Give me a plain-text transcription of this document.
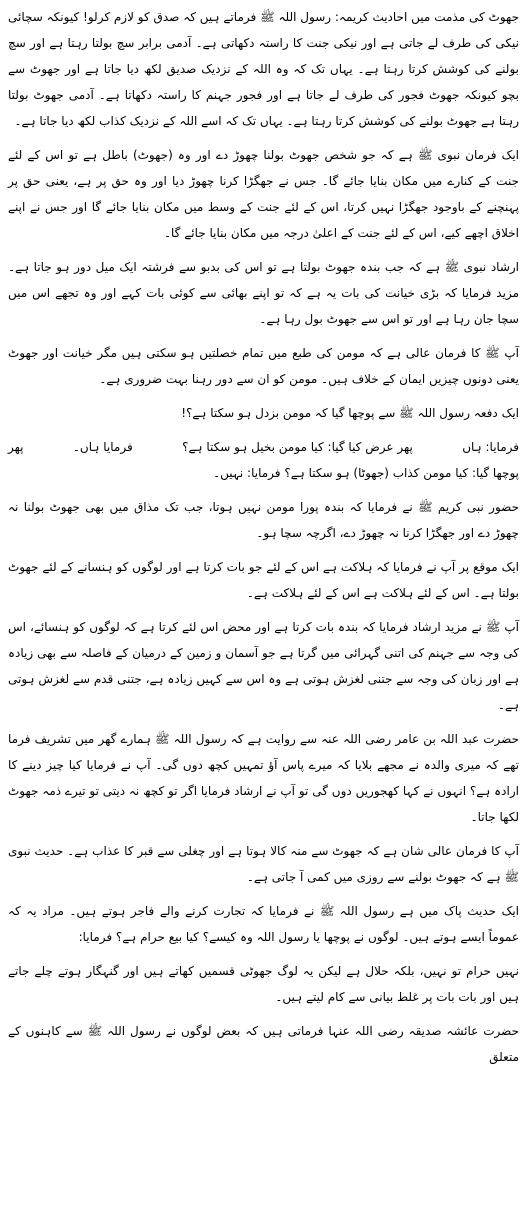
جھوٹ کی مذمت میں احادیث کریمہ: رسول اللہ ﷺ فرماتے ہیں کہ صدق کو لازم کرلو! کیونکہ سچائی نیکی کی طرف لے جاتی ہے اور نیکی جنت کا راستہ دکھاتی ہے۔ آدمی برابر سچ بولتا رہتا ہے اور سچ بولنے کی کوشش کرتا رہتا ہے۔ یہاں تک کہ وہ اللہ کے نزدیک صدیق لکھ دیا جاتا ہے اور جھوٹ سے بچو کیونکہ جھوٹ فجور کی طرف لے جاتا ہے اور فجور جہنم کا راستہ دکھاتا ہے۔ آدمی جھوٹ بولتا رہتا ہے جھوٹ بولنے کی کوشش کرتا رہتا ہے۔ یہاں تک کہ اسے اللہ کے نزدیک کذاب لکھ دیا جاتا ہے۔

ایک فرمان نبوی ﷺ ہے کہ جو شخص جھوٹ بولنا چھوڑ دے اور وہ (جھوٹ) باطل ہے تو اس کے لئے جنت کے کنارے میں مکان بنایا جائے گا۔ جس نے جھگڑا کرنا چھوڑ دیا اور وہ حق پر ہے، یعنی حق پر پہنچنے کے باوجود جھگڑا نہیں کرتا، اس کے لئے جنت کے وسط میں مکان بنایا جائے گا اور جس نے اپنے اخلاق اچھے کیے، اس کے لئے جنت کے اعلیٰ درجہ میں مکان بنایا جائے گا۔

ارشاد نبوی ﷺ ہے کہ جب بندہ جھوٹ بولتا ہے تو اس کی بدبو سے فرشتہ ایک میل دور ہو جاتا ہے۔ مزید فرمایا کہ بڑی خیانت کی بات یہ ہے کہ تو اپنے بھائی سے کوئی بات کہے اور وہ تجھے اس میں سچا جان رہا ہے اور تو اس سے جھوٹ بول رہا ہے۔

آپ ﷺ کا فرمان عالی ہے کہ مومن کی طبع میں تمام خصلتیں ہو سکتی ہیں مگر خیانت اور جھوٹ یعنی دونوں چیزیں ایمان کے خلاف ہیں۔ مومن کو ان سے دور رہنا بہت ضروری ہے۔

ایک دفعہ رسول اللہ ﷺ سے پوچھا گیا کہ مومن بزدل ہو سکتا ہے؟!

فرمایا: ہاں
پھر عرض کیا گیا: کیا مومن بخیل ہو سکتا ہے؟
فرمایا ہاں۔
پھر

پوچھا گیا: کیا مومن کذاب (جھوٹا) ہو سکتا ہے؟ فرمایا: نہیں۔

حضور نبی کریم ﷺ نے فرمایا کہ بندہ پورا مومن نہیں ہوتا، جب تک مذاق میں بھی جھوٹ بولنا نہ چھوڑ دے اور جھگڑا کرنا نہ چھوڑ دے، اگرچہ سچا ہو۔

ایک موقع پر آپ نے فرمایا کہ ہلاکت ہے اس کے لئے جو بات کرتا ہے اور لوگوں کو ہنسانے کے لئے جھوٹ بولتا ہے۔ اس کے لئے ہلاکت ہے اس کے لئے ہلاکت ہے۔

آپ ﷺ نے مزید ارشاد فرمایا کہ بندہ بات کرتا ہے اور محض اس لئے کرتا ہے کہ لوگوں کو ہنسائے، اس کی وجہ سے جہنم کی اتنی گہرائی میں گرتا ہے جو آسمان و زمین کے درمیان کے فاصلہ سے بھی زیادہ ہے اور زبان کی وجہ سے جتنی لغزش ہوتی ہے وہ اس سے کہیں زیادہ ہے، جتنی قدم سے لغزش ہوتی ہے۔

حضرت عبد اللہ بن عامر رضی اللہ عنہ سے روایت ہے کہ رسول اللہ ﷺ ہمارے گھر میں تشریف فرما تھے کہ میری والدہ نے مجھے بلایا کہ میرے پاس آؤ تمہیں کچھ دوں گی۔ آپ نے فرمایا کیا چیز دینے کا ارادہ ہے؟ انہوں نے کہا کھجوریں دوں گی تو آپ نے ارشاد فرمایا اگر تو کچھ نہ دیتی تو تیرے ذمہ جھوٹ لکھا جاتا۔

آپ کا فرمان عالی شان ہے کہ جھوٹ سے منہ کالا ہوتا ہے اور چغلی سے قبر کا عذاب ہے۔ حدیث نبوی ﷺ ہے کہ جھوٹ بولنے سے روزی میں کمی آ جاتی ہے۔

ایک حدیث پاک میں ہے رسول اللہ ﷺ نے فرمایا کہ تجارت کرنے والے فاجر ہوتے ہیں۔ مراد یہ کہ عموماً ایسے ہوتے ہیں۔ لوگوں نے پوچھا یا رسول اللہ وہ کیسے؟ کیا بیع حرام ہے؟ فرمایا:

نہیں حرام تو نہیں، بلکہ حلال ہے لیکن یہ لوگ جھوٹی قسمیں کھاتے ہیں اور گنہگار ہوتے چلے جاتے ہیں اور بات بات پر غلط بیانی سے کام لیتے ہیں۔

حضرت عائشہ صدیقہ رضی اللہ عنہا فرماتی ہیں کہ بعض لوگوں نے رسول اللہ ﷺ سے کاہنوں کے متعلق
